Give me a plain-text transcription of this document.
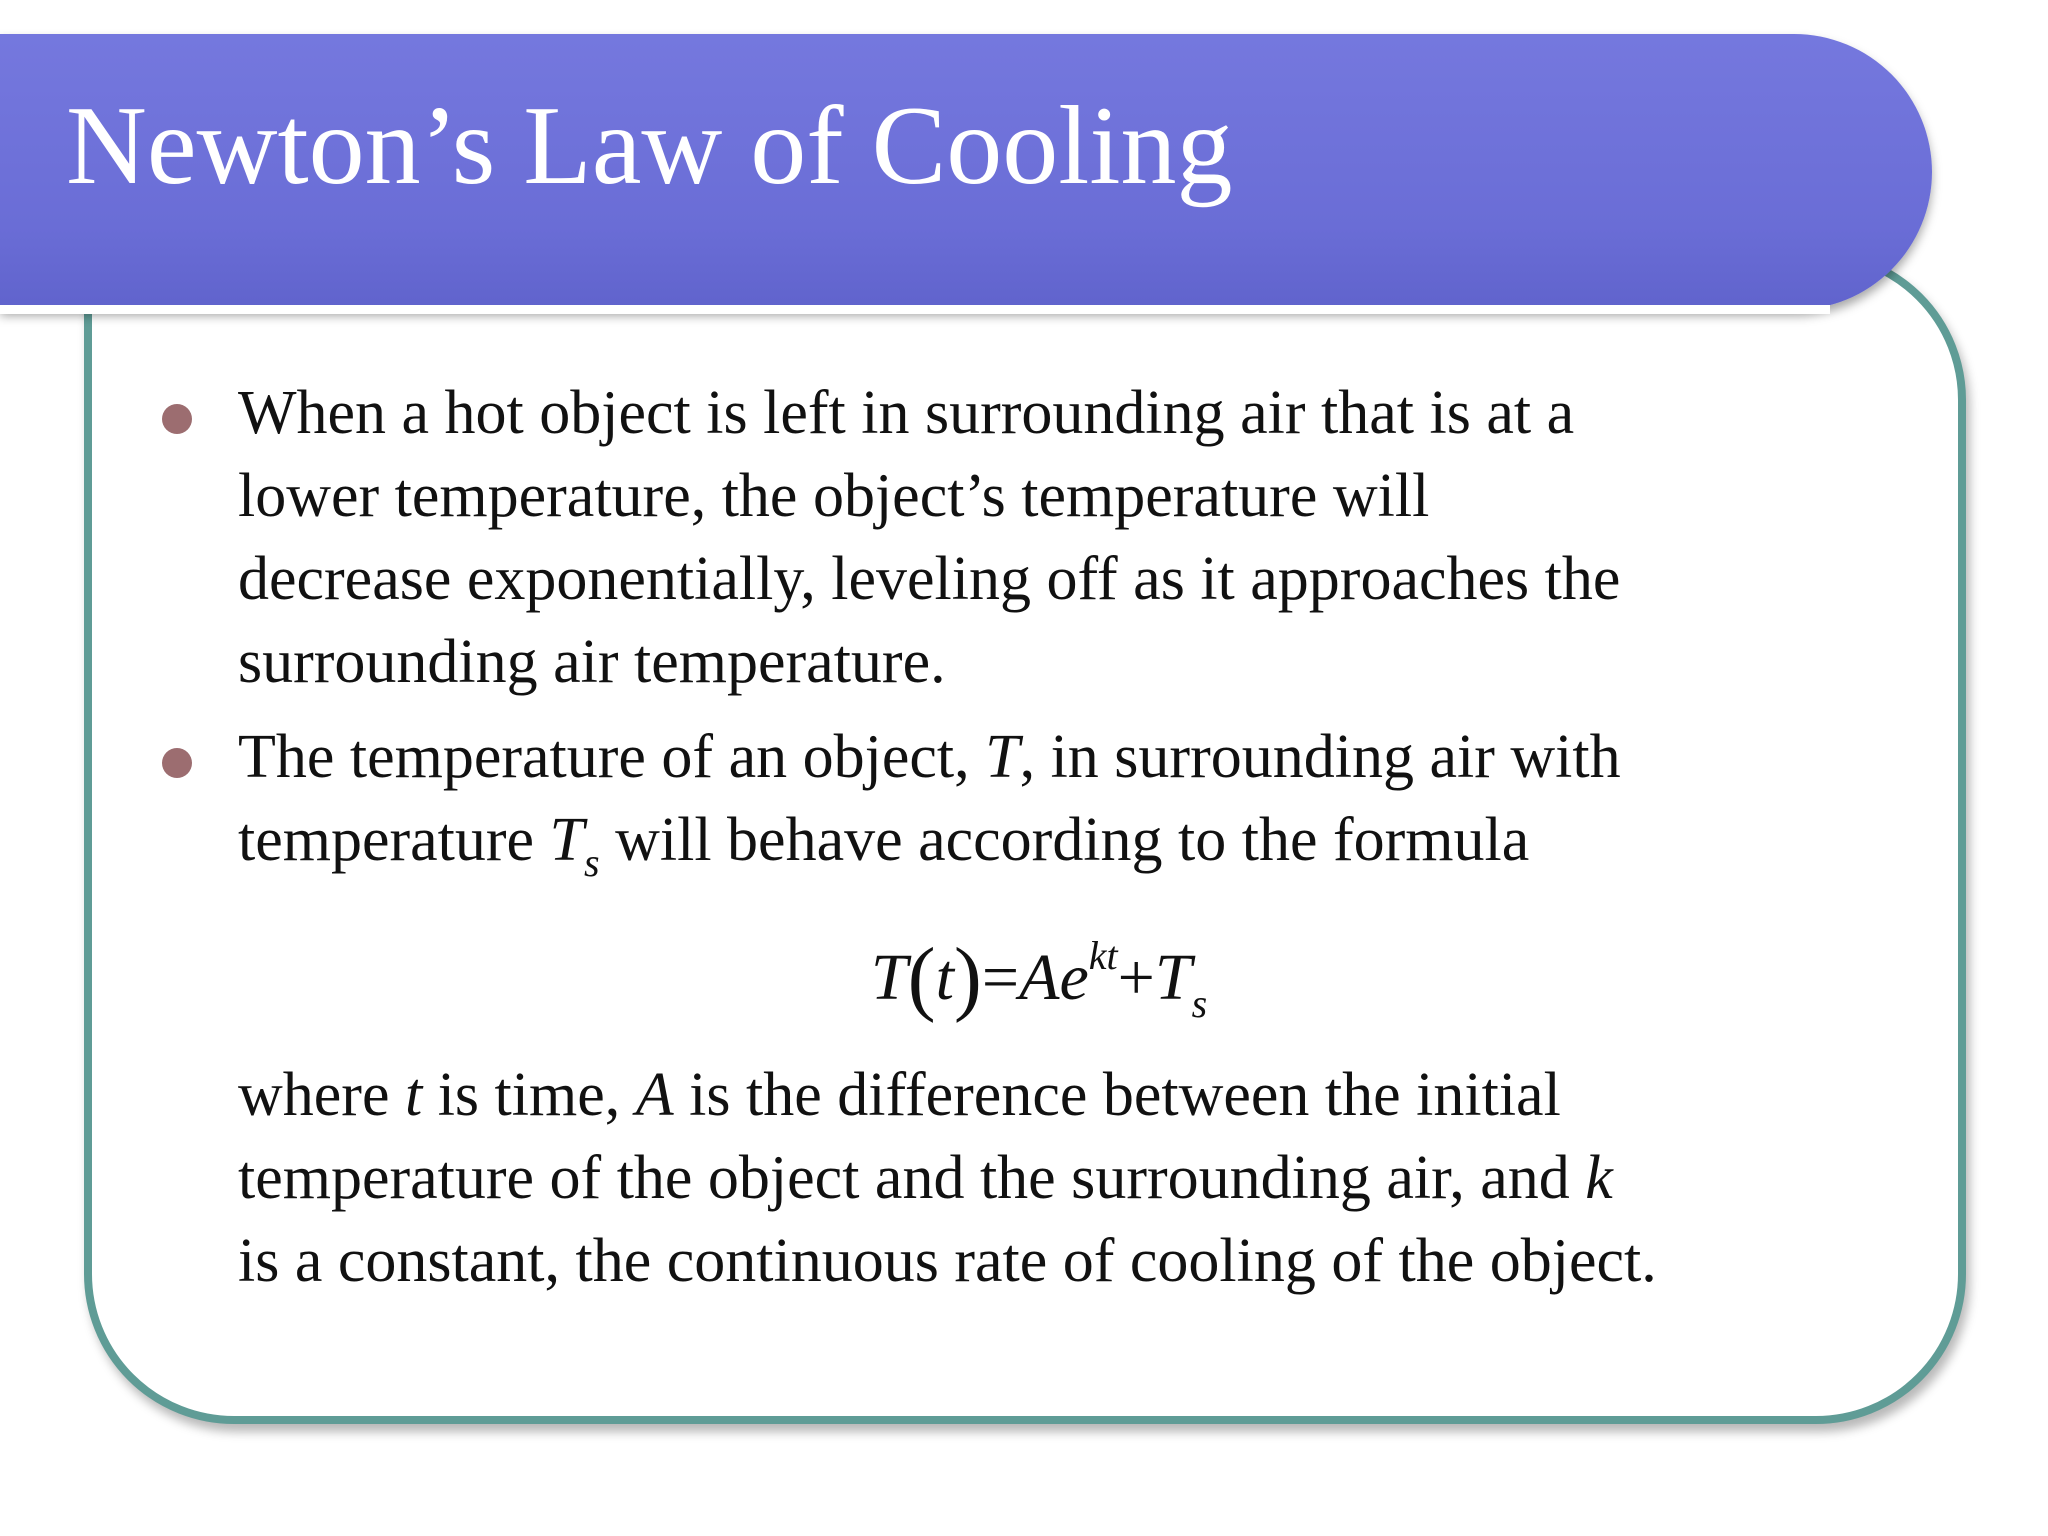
Newton’s Law of Cooling
When a hot object is left in surrounding air that is at a
lower temperature, the object’s temperature will
decrease exponentially, leveling off as it approaches the
surrounding air temperature.
The temperature of an object, T, in surrounding air with
temperature $T_s$ will behave according to the formula
$T(t)=Ae^{kt}+T_s$
where t is time, A is the difference between the initial
temperature of the object and the surrounding air, and k
is a constant, the continuous rate of cooling of the object.
